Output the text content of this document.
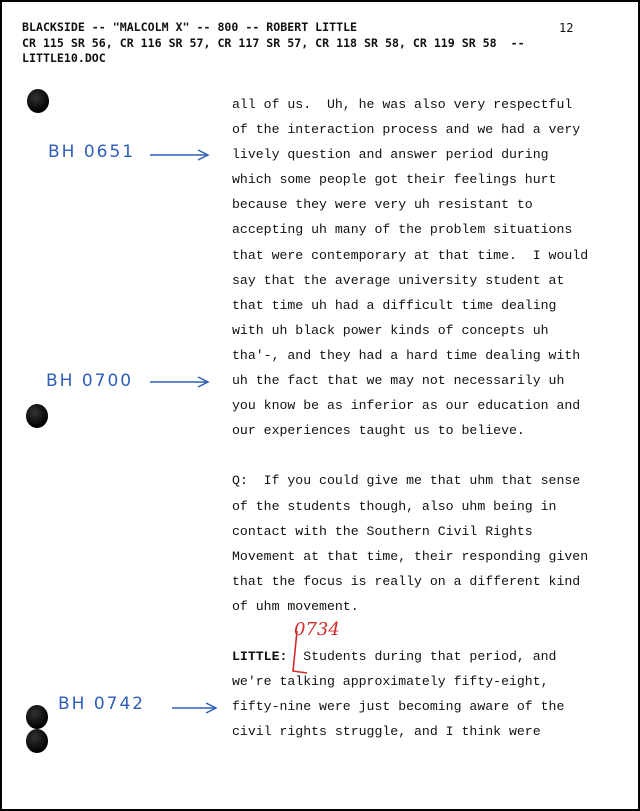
BLACKSIDE -- "MALCOLM X" -- 800 -- ROBERT LITTLE
CR 115 SR 56, CR 116 SR 57, CR 117 SR 57, CR 118 SR 58, CR 119 SR 58  --
LITTLE10.DOC
12
BH 0651
BH 0700
BH 0742
0734
all of us.  Uh, he was also very respectful
of the interaction process and we had a very
lively question and answer period during
which some people got their feelings hurt
because they were very uh resistant to
accepting uh many of the problem situations
that were contemporary at that time.  I would
say that the average university student at
that time uh had a difficult time dealing
with uh black power kinds of concepts uh
tha'-, and they had a hard time dealing with
uh the fact that we may not necessarily uh
you know be as inferior as our education and
our experiences taught us to believe.
Q:  If you could give me that uhm that sense
of the students though, also uhm being in
contact with the Southern Civil Rights
Movement at that time, their responding given
that the focus is really on a different kind
of uhm movement.
LITTLE:  Students during that period, and
we're talking approximately fifty-eight,
fifty-nine were just becoming aware of the
civil rights struggle, and I think were
